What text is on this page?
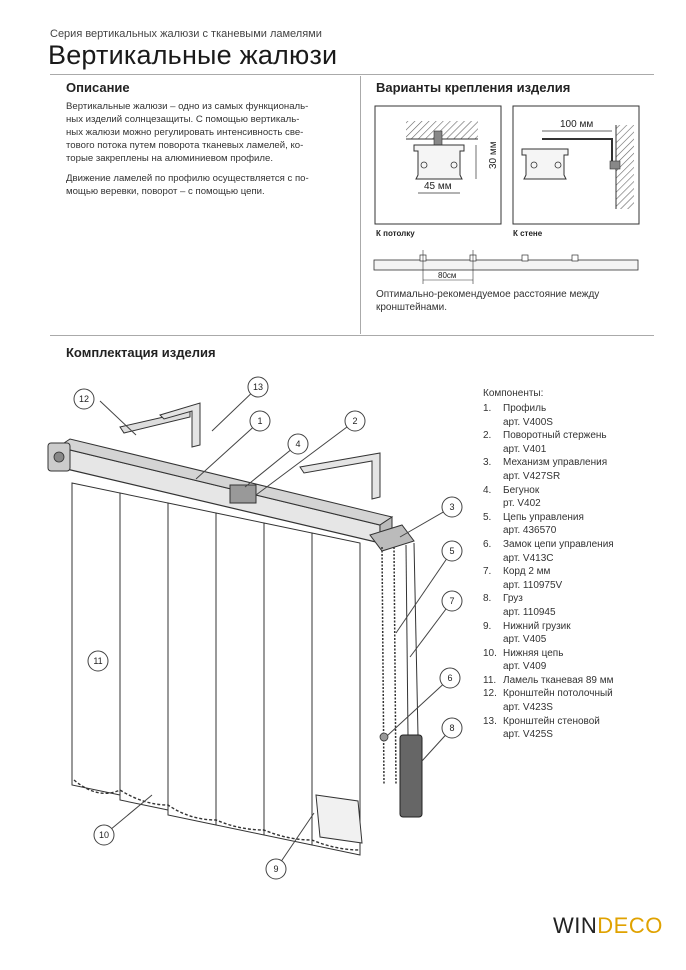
Серия вертикальных жалюзи с тканевыми ламелями
Вертикальные жалюзи
Описание
Вертикальные жалюзи – одно из самых функциональ-
ных изделий солнцезащиты. С помощью вертикаль-
ных жалюзи можно регулировать интенсивность све-
тового потока путем поворота тканевых ламелей, ко-
торые закреплены на алюминиевом профиле.
Движение ламелей по профилю осуществляется с по-
мощью веревки, поворот – с помощью цепи.
Варианты крепления изделия
30 мм
45 мм
100 мм
К потолку	К стене
80см
Оптимально-рекомендуемое расстояние между
кронштейнами.
Комплектация изделия
12
13
1	2
4
3
5
7
6
8
11
10
9
Компоненты:
1.	Профиль
арт. V400S
2.	Поворотный стержень
арт. V401
3.	Механизм управления
арт. V427SR
4.	Бегунок
рт. V402
5.	Цепь управления
арт. 436570
6.	Замок цепи управления
арт. V413C
7.	Корд 2 мм
арт. 110975V
8.	Груз
арт. 110945
9.	Нижний грузик
арт. V405
10. Нижняя цепь
арт. V409
11. Ламель тканевая 89 мм
12. Кронштейн потолочный
арт. V423S
13. Кронштейн стеновой
арт. V425S
WINDECO
